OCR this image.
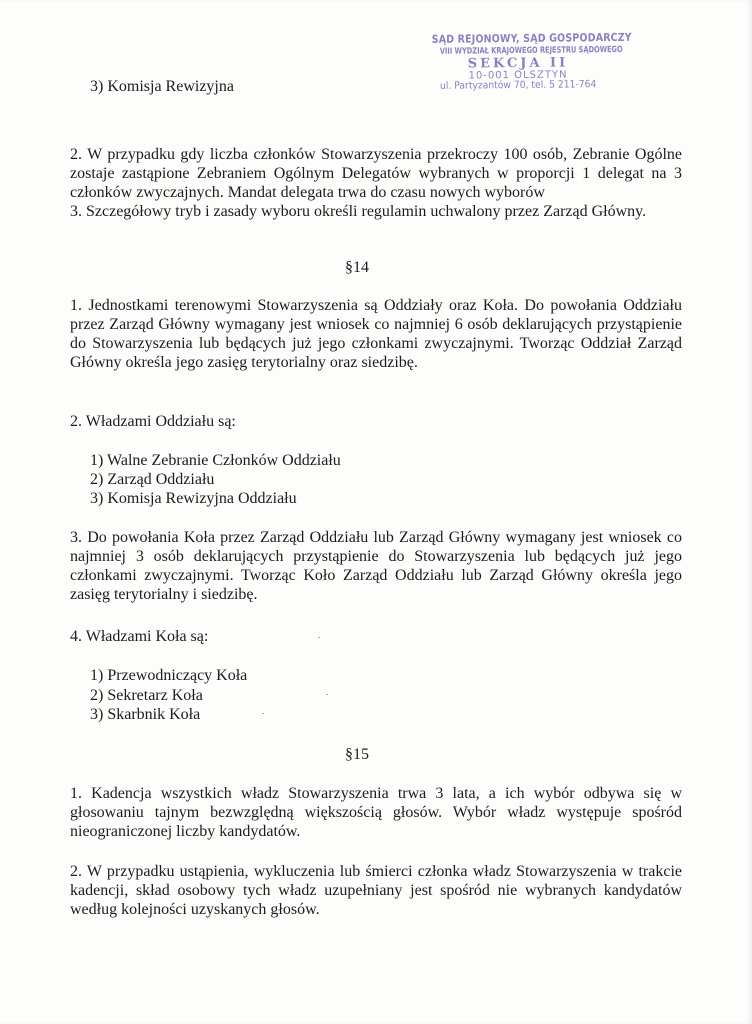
SĄD REJONOWY, SĄD GOSPODARCZY
VIII WYDZIAŁ KRAJOWEGO REJESTRU SĄDOWEGO
SEKCJA II
10-001 OLSZTYN
ul. Partyzantów 70, tel. 5 211-764

3) Komisja Rewizyjna

2. W przypadku gdy liczba członków Stowarzyszenia przekroczy 100 osób, Zebranie Ogólne zostaje zastąpione Zebraniem Ogólnym Delegatów wybranych w proporcji 1 delegat na 3 członków zwyczajnych. Mandat delegata trwa do czasu nowych wyborów

3. Szczegółowy tryb i zasady wyboru określi regulamin uchwalony przez Zarząd Główny.

§14

1. Jednostkami terenowymi Stowarzyszenia są Oddziały oraz Koła. Do powołania Oddziału przez Zarząd Główny wymagany jest wniosek co najmniej 6 osób deklarujących przystąpienie do Stowarzyszenia lub będących już jego członkami zwyczajnymi. Tworząc Oddział Zarząd Główny określa jego zasięg terytorialny oraz siedzibę.

2. Władzami Oddziału są:

1) Walne Zebranie Członków Oddziału

2) Zarząd Oddziału

3) Komisja Rewizyjna Oddziału

3. Do powołania Koła przez Zarząd Oddziału lub Zarząd Główny wymagany jest wniosek co najmniej 3 osób deklarujących przystąpienie do Stowarzyszenia lub będących już jego członkami zwyczajnymi. Tworząc Koło Zarząd Oddziału lub Zarząd Główny określa jego zasięg terytorialny i siedzibę.

4. Władzami Koła są:

1) Przewodniczący Koła

2) Sekretarz Koła

3) Skarbnik Koła

§15

1. Kadencja wszystkich władz Stowarzyszenia trwa 3 lata, a ich wybór odbywa się w głosowaniu tajnym bezwzględną większością głosów. Wybór władz występuje spośród nieograniczonej liczby kandydatów.

2. W przypadku ustąpienia, wykluczenia lub śmierci członka władz Stowarzyszenia w trakcie kadencji, skład osobowy tych władz uzupełniany jest spośród nie wybranych kandydatów według kolejności uzyskanych głosów.
